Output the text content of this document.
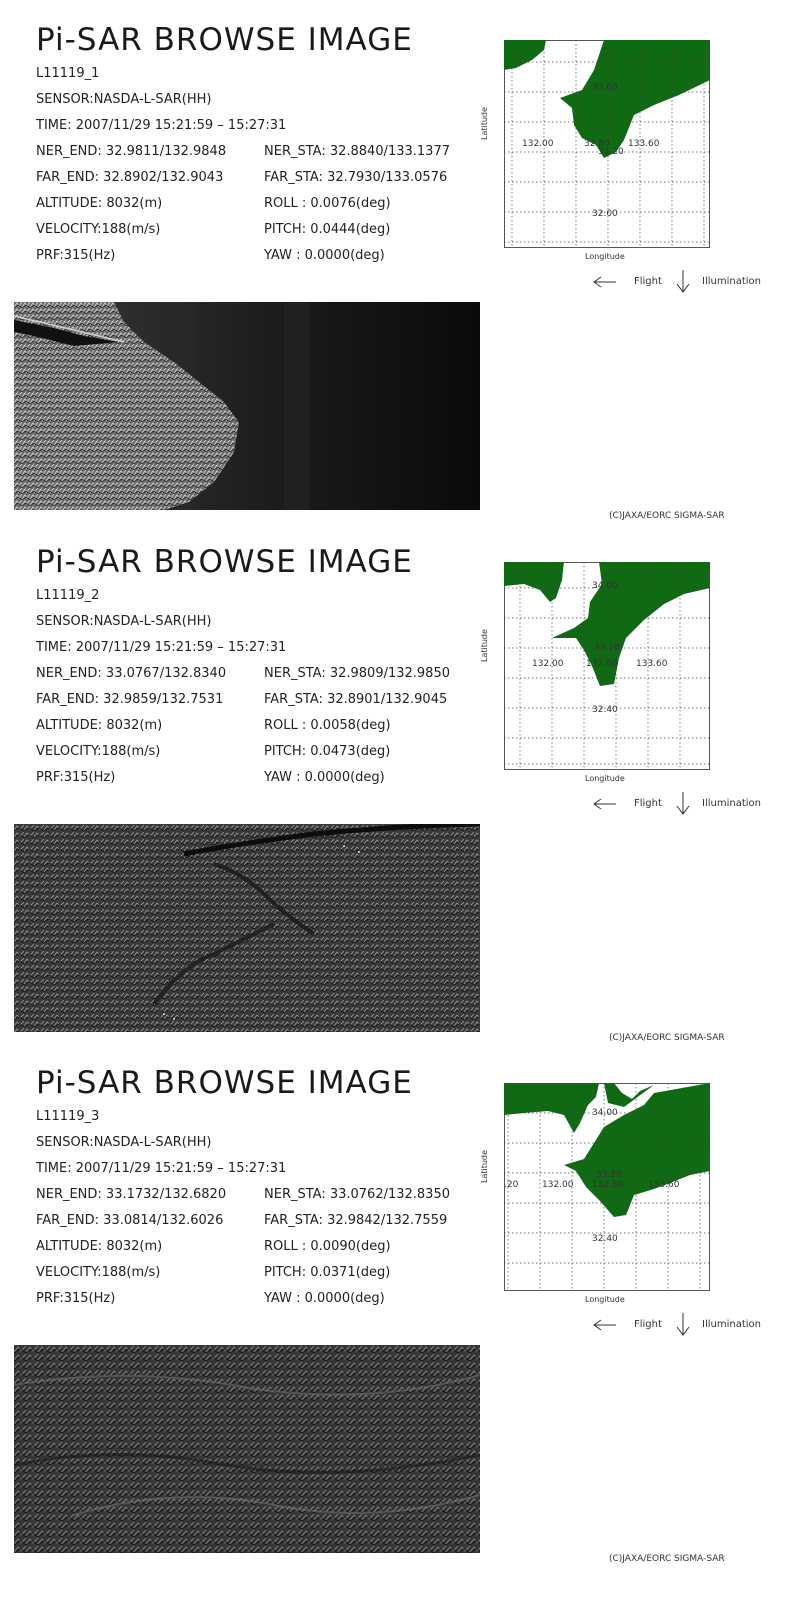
Pi-SAR BROWSE IMAGE
L11119_1
SENSOR:NASDA-L-SAR(HH)
TIME: 2007/11/29 15:21:59 – 15:27:31
NER_END: 32.9811/132.9848	NER_STA: 32.8840/133.1377
FAR_END: 32.8902/132.9043	FAR_STA: 32.7930/133.0576
ALTITUDE: 8032(m)	ROLL : 0.0076(deg)
VELOCITY:188(m/s)	PITCH: 0.0444(deg)
PRF:315(Hz)	YAW : 0.0000(deg)
33.60
132.00	32.80 133.60
33.20
32.00
Latitude
Longitude
Flight	Illumination
(C)JAXA/EORC SIGMA-SAR
Pi-SAR BROWSE IMAGE
L11119_2
SENSOR:NASDA-L-SAR(HH)
TIME: 2007/11/29 15:21:59 – 15:27:31
NER_END: 33.0767/132.8340	NER_STA: 32.9809/132.9850
FAR_END: 32.9859/132.7531	FAR_STA: 32.8901/132.9045
ALTITUDE: 8032(m)	ROLL : 0.0058(deg)
VELOCITY:188(m/s)	PITCH: 0.0473(deg)
PRF:315(Hz)	YAW : 0.0000(deg)
34.00
33.20
132.00	132.80 133.60
32.40
Latitude
Longitude
Flight	Illumination
(C)JAXA/EORC SIGMA-SAR
Pi-SAR BROWSE IMAGE
L11119_3
SENSOR:NASDA-L-SAR(HH)
TIME: 2007/11/29 15:21:59 – 15:27:31
NER_END: 33.1732/132.6820	NER_STA: 33.0762/132.8350
FAR_END: 33.0814/132.6026	FAR_STA: 32.9842/132.7559
ALTITUDE: 8032(m)	ROLL : 0.0090(deg)
VELOCITY:188(m/s)	PITCH: 0.0371(deg)
PRF:315(Hz)	YAW : 0.0000(deg)
34.00
33.20
.20	132.00 132.80	133.60
32.40
Latitude
Longitude
Flight	Illumination
(C)JAXA/EORC SIGMA-SAR
